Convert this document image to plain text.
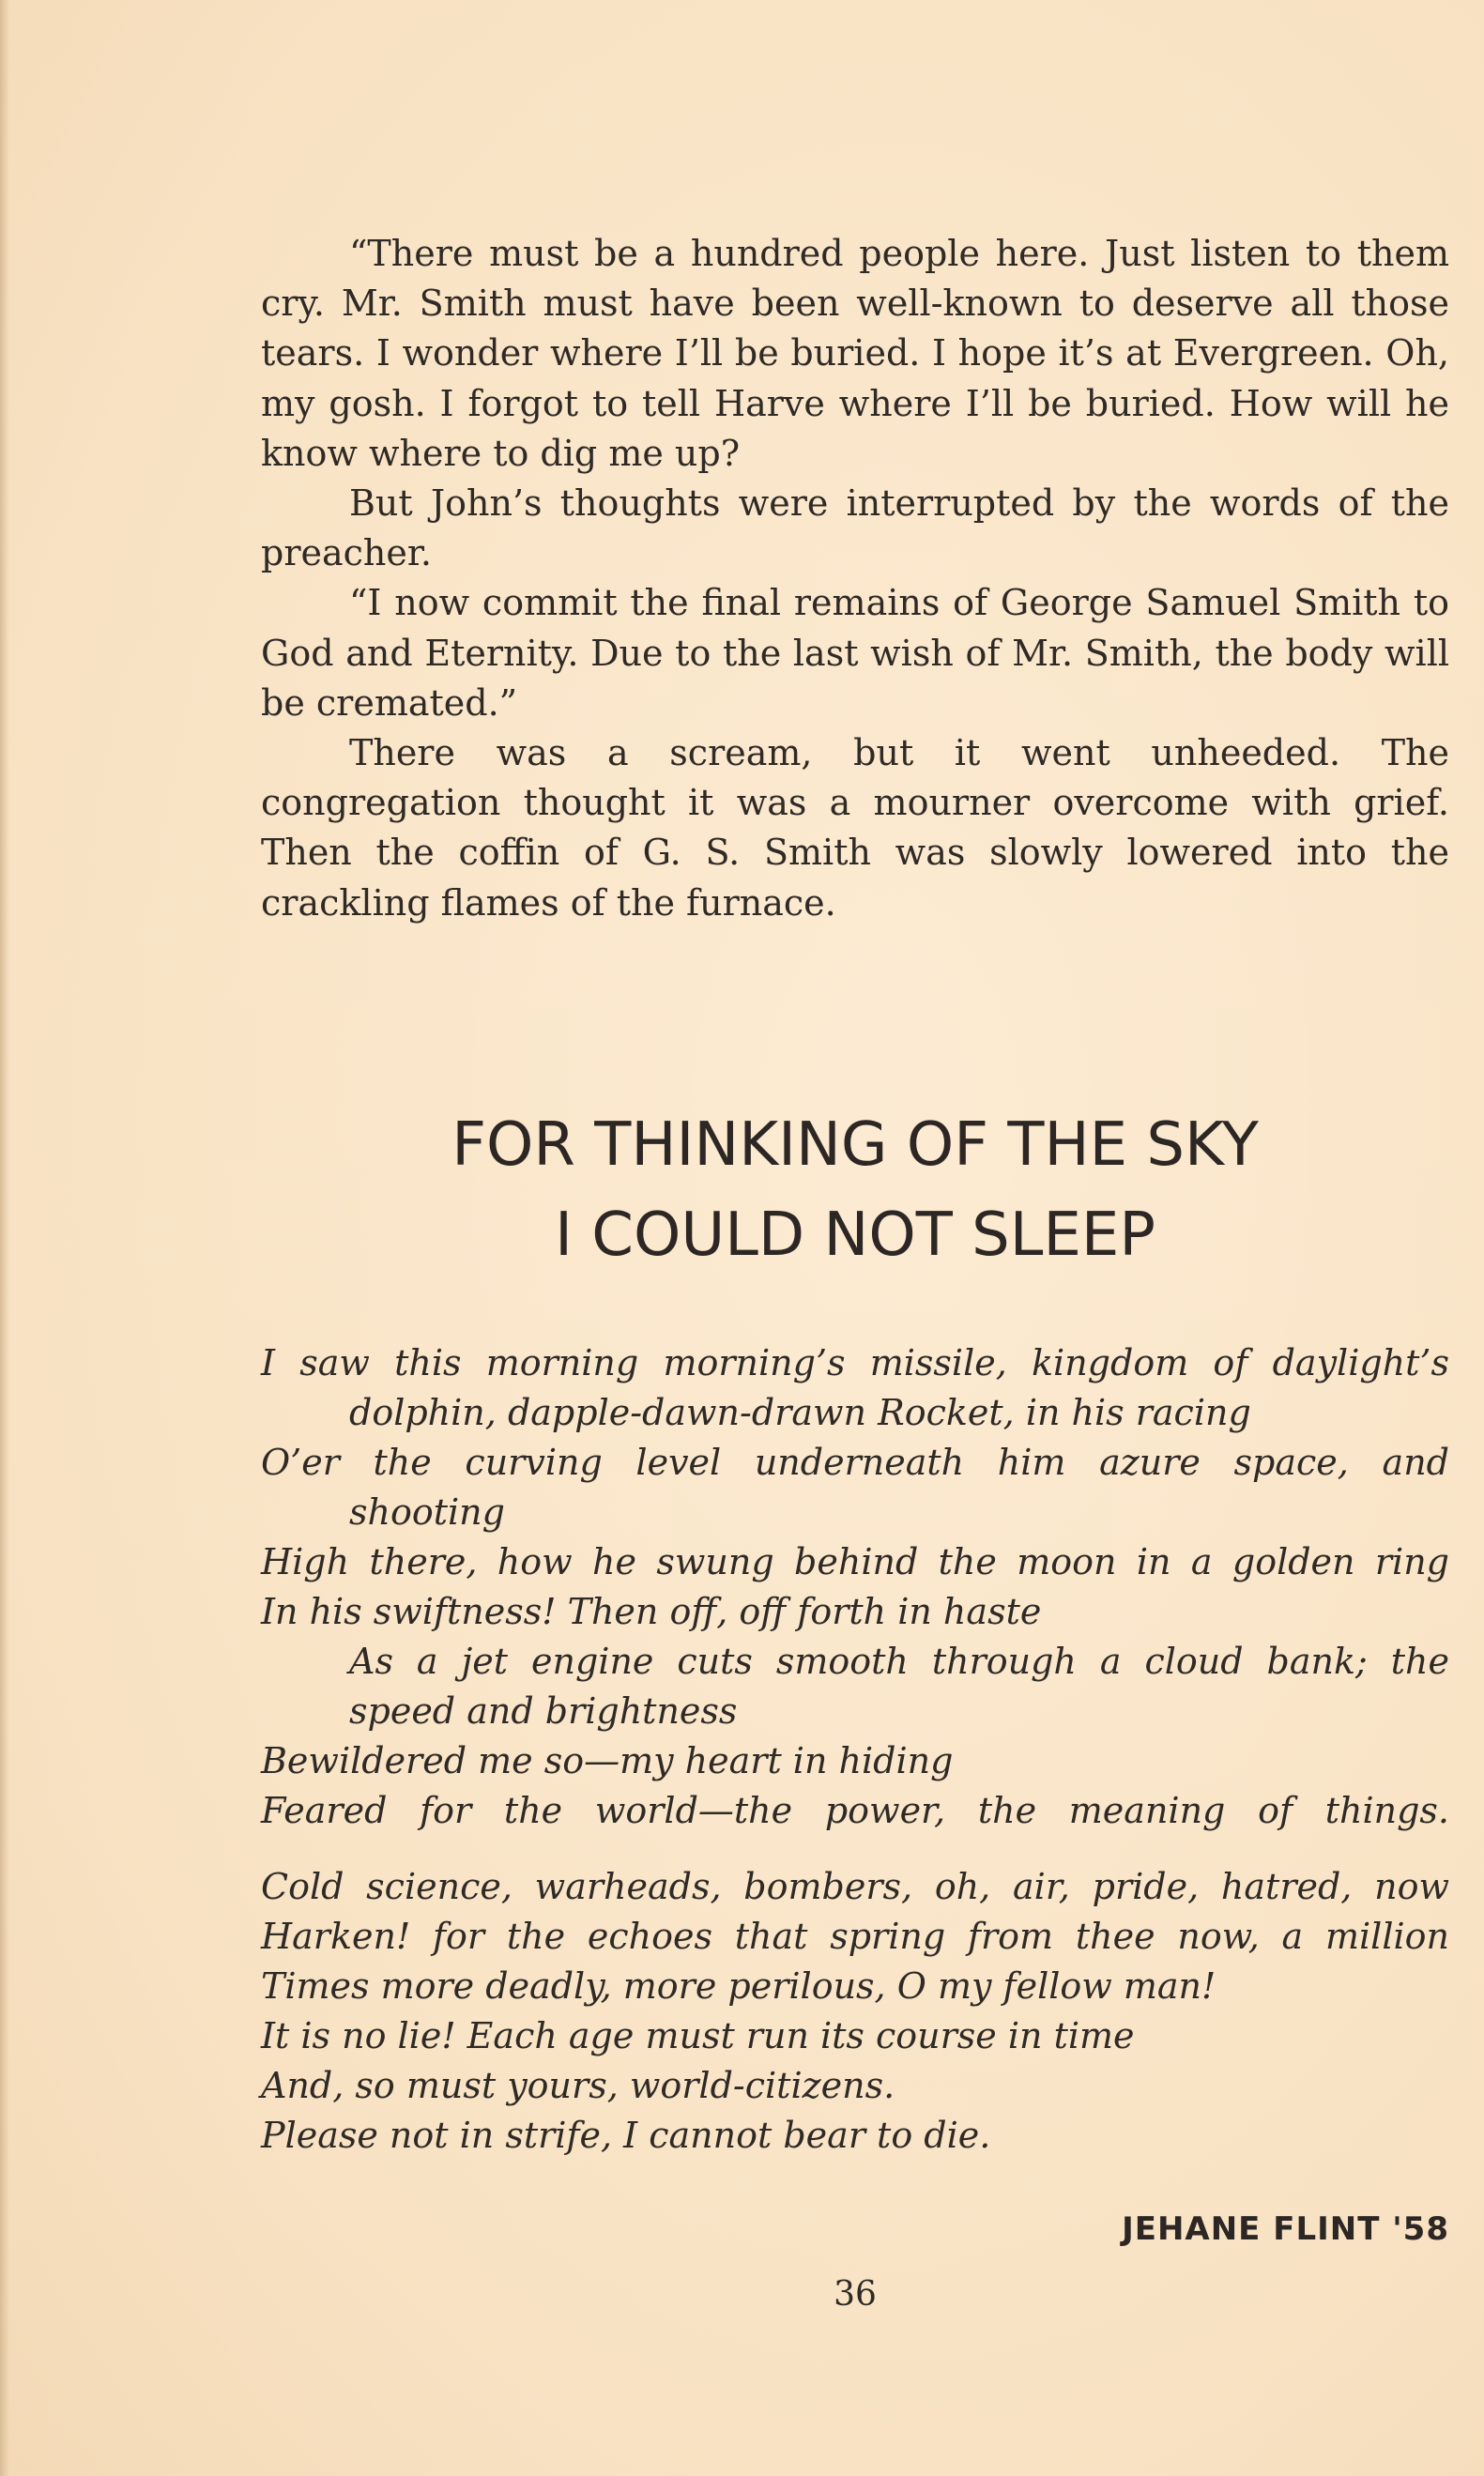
“There must be a hundred people here. Just listen to them cry. Mr. Smith must have been well-known to deserve all those tears. I wonder where I’ll be buried. I hope it’s at Evergreen. Oh, my gosh. I forgot to tell Harve where I’ll be buried. How will he know where to dig me up?

But John’s thoughts were interrupted by the words of the preacher.

“I now commit the final remains of George Samuel Smith to God and Eternity. Due to the last wish of Mr. Smith, the body will be cremated.”

There was a scream, but it went unheeded. The congregation thought it was a mourner overcome with grief. Then the coffin of G. S. Smith was slowly lowered into the crackling flames of the furnace.

FOR THINKING OF THE SKY
I COULD NOT SLEEP
I saw this morning morning’s missile, kingdom of daylight’s
dolphin, dapple-dawn-drawn Rocket, in his racing
O’er the curving level underneath him azure space, and
shooting
High there, how he swung behind the moon in a golden ring
In his swiftness! Then off, off forth in haste
As a jet engine cuts smooth through a cloud bank; the
speed and brightness
Bewildered me so—my heart in hiding
Feared for the world—the power, the meaning of things.
Cold science, warheads, bombers, oh, air, pride, hatred, now
Harken! for the echoes that spring from thee now, a million
Times more deadly, more perilous, O my fellow man!
It is no lie! Each age must run its course in time
And, so must yours, world-citizens.
Please not in strife, I cannot bear to die.
JEHANE FLINT '58
36
